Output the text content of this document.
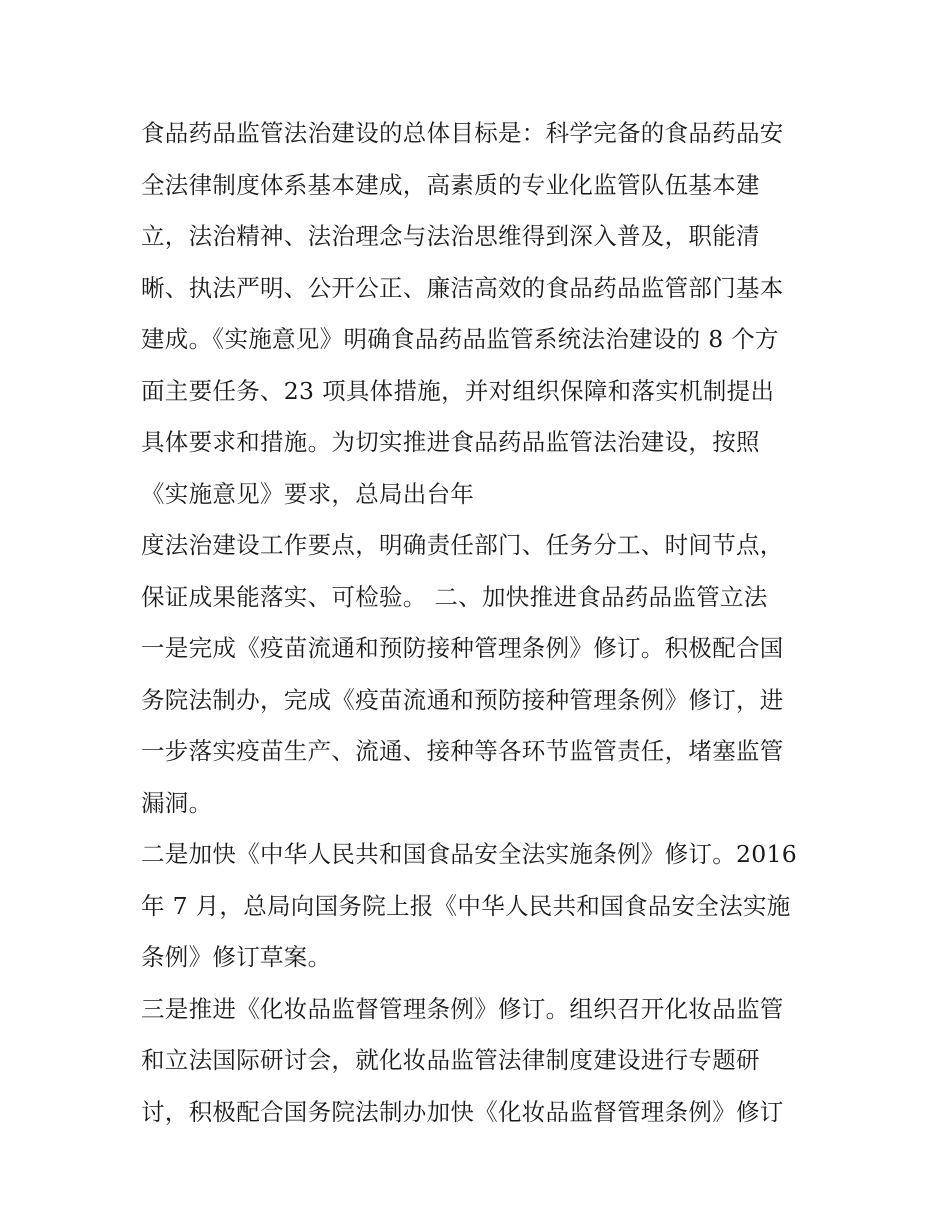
食品药品监管法治建设的总体目标是：科学完备的食品药品安
全法律制度体系基本建成，高素质的专业化监管队伍基本建
立，法治精神、法治理念与法治思维得到深入普及，职能清
晰、执法严明、公开公正、廉洁高效的食品药品监管部门基本
建成。《实施意见》明确食品药品监管系统法治建设的 8 个方
面主要任务、23 项具体措施，并对组织保障和落实机制提出
具体要求和措施。为切实推进食品药品监管法治建设，按照
《实施意见》要求，总局出台年
度法治建设工作要点，明确责任部门、任务分工、时间节点，
保证成果能落实、可检验。 二、加快推进食品药品监管立法
一是完成《疫苗流通和预防接种管理条例》修订。积极配合国
务院法制办，完成《疫苗流通和预防接种管理条例》修订，进
一步落实疫苗生产、流通、接种等各环节监管责任，堵塞监管
漏洞。
二是加快《中华人民共和国食品安全法实施条例》修订。2016
年 7 月，总局向国务院上报《中华人民共和国食品安全法实施
条例》修订草案。
三是推进《化妆品监督管理条例》修订。组织召开化妆品监管
和立法国际研讨会，就化妆品监管法律制度建设进行专题研
讨，积极配合国务院法制办加快《化妆品监督管理条例》修订
